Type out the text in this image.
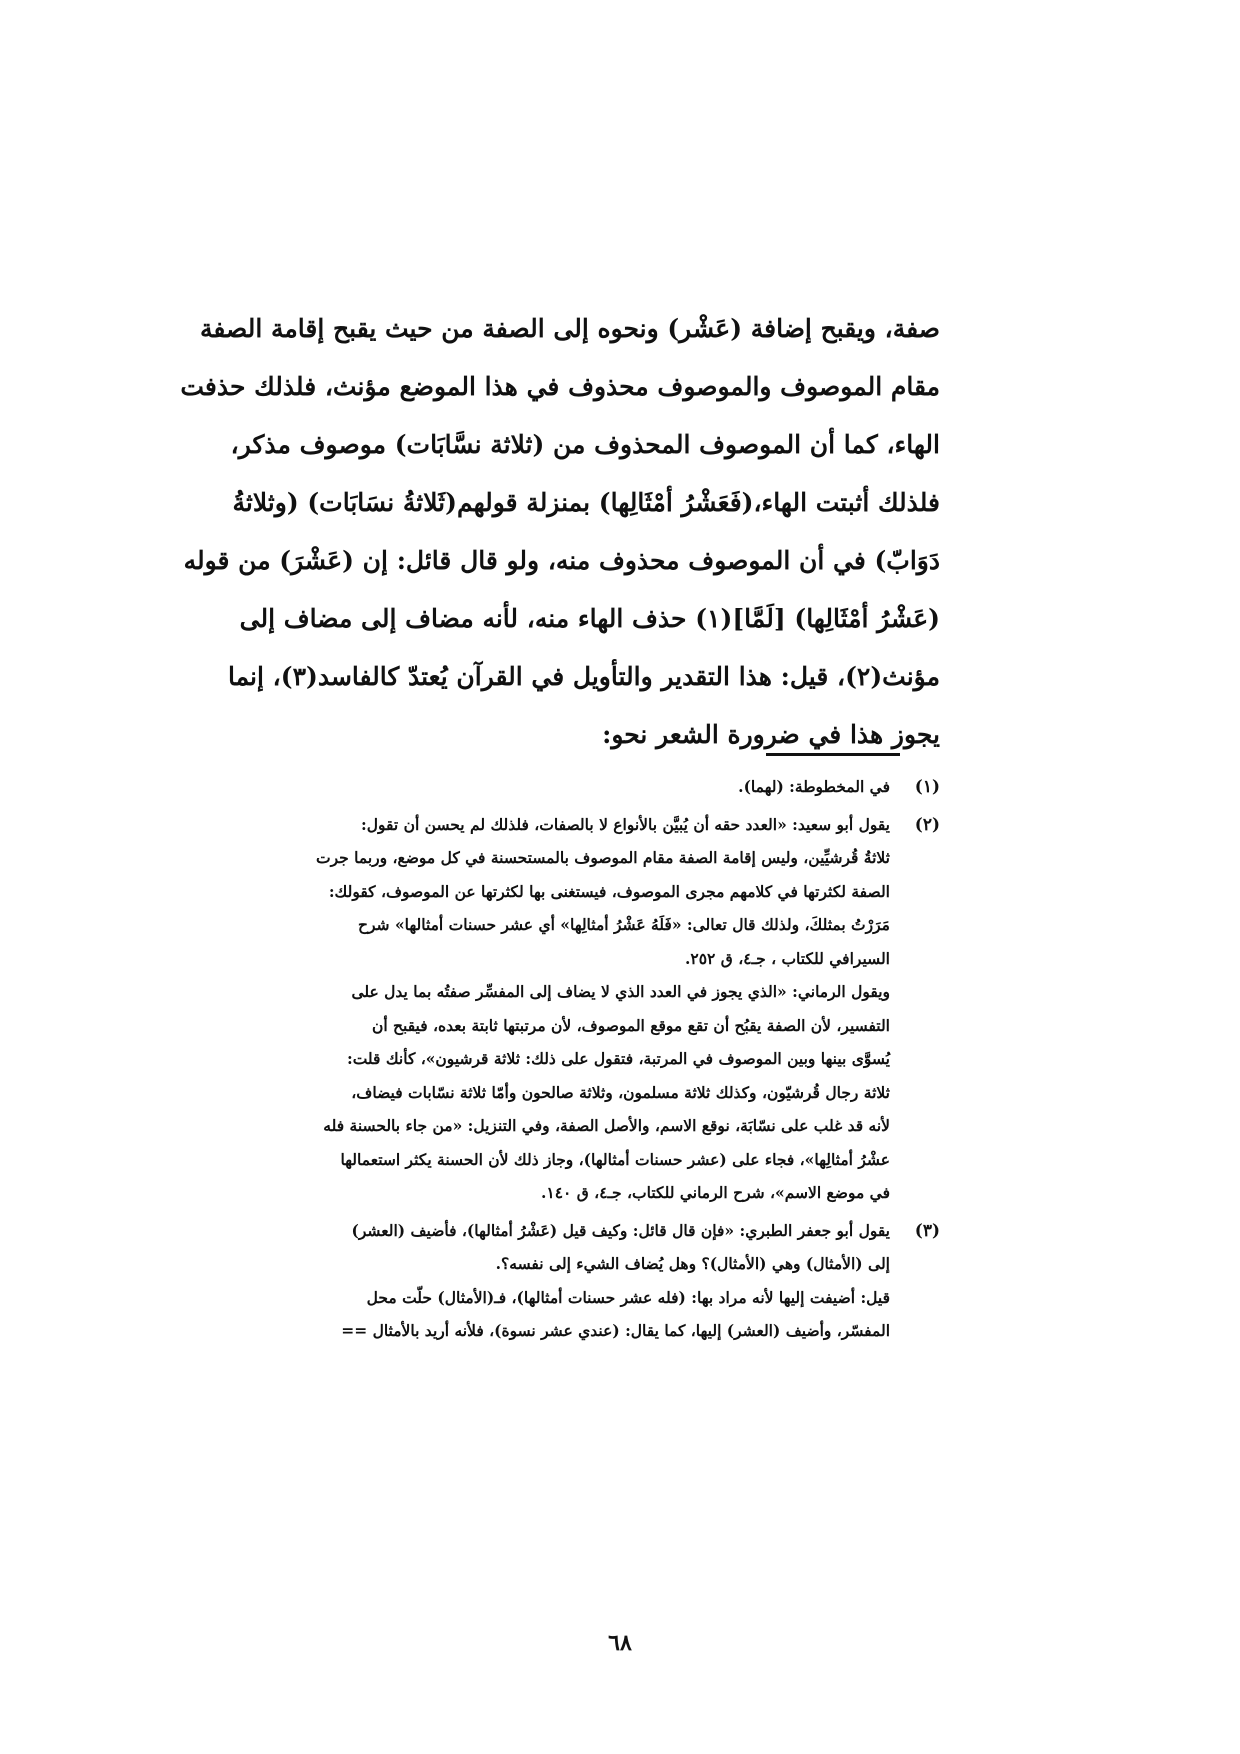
صفة، ويقبح إضافة (عَشْر) ونحوه إلى الصفة من حيث يقبح إقامة الصفة
مقام الموصوف والموصوف محذوف في هذا الموضع مؤنث، فلذلك حذفت
الهاء، كما أن الموصوف المحذوف من (ثلاثة نسَّابَات) موصوف مذكر،
فلذلك أثبتت الهاء،(فَعَشْرُ أمْثَالِها) بمنزلة قولهم(ثَلاثةُ نسَابَات) (وثلاثةُ
دَوَابّ) في أن الموصوف محذوف منه، ولو قال قائل: إن (عَشْرَ) من قوله
(عَشْرُ أمْثَالِها) [لَمَّا](١) حذف الهاء منه، لأنه مضاف إلى مضاف إلى
مؤنث(٢)، قيل: هذا التقدير والتأويل في القرآن يُعتدّ كالفاسد(٣)، إنما
يجوز هذا في ضرورة الشعر نحو:
(١)
في المخطوطة: (لهما).
(٢)
يقول أبو سعيد: «العدد حقه أن يُبيَّن بالأنواع لا بالصفات، فلذلك لم يحسن أن تقول:
ثلاثةُ قُرشيِّين، وليس إقامة الصفة مقام الموصوف بالمستحسنة في كل موضع، وربما جرت
الصفة لكثرتها في كلامهم مجرى الموصوف، فيستغنى بها لكثرتها عن الموصوف، كقولك:
مَرَرْتُ بمثلكَ، ولذلك قال تعالى: «فَلَهُ عَشْرُ أمثالِها» أي عشر حسنات أمثالها» شرح
السيرافي للكتاب ، جـ٤، ق ٢٥٢.
ويقول الرماني: «الذي يجوز في العدد الذي لا يضاف إلى المفسِّر صفتُه بما يدل على
التفسير، لأن الصفة يقبُح أن تقع موقع الموصوف، لأن مرتبتها ثابتة بعده، فيقبح أن
يُسوَّى بينها وبين الموصوف في المرتبة، فتقول على ذلك: ثلاثة قرشيون»، كأنك قلت:
ثلاثة رجال قُرشيّون، وكذلك ثلاثة مسلمون، وثلاثة صالحون وأمّا ثلاثة نسّابات فيضاف،
لأنه قد غلب على نسّابَة، نوقع الاسم، والأصل الصفة، وفي التنزيل: «من جاء بالحسنة فله
عشْرُ أمثالِها»، فجاء على (عشر حسنات أمثالها)، وجاز ذلك لأن الحسنة يكثر استعمالها
في موضع الاسم»، شرح الرماني للكتاب، جـ٤، ق ١٤٠.
(٣)
يقول أبو جعفر الطبري: «فإن قال قائل: وكيف قيل (عَشْرُ أمثالها)، فأضيف (العشر)
إلى (الأمثال) وهي (الأمثال)؟ وهل يُضاف الشيء إلى نفسه؟.
قيل: أضيفت إليها لأنه مراد بها: (فله عشر حسنات أمثالها)، فـ(الأمثال) حلّت محل
المفسّر، وأضيف (العشر) إليها، كما يقال: (عندي عشر نسوة)، فلأنه أريد بالأمثال ==
٦٨
